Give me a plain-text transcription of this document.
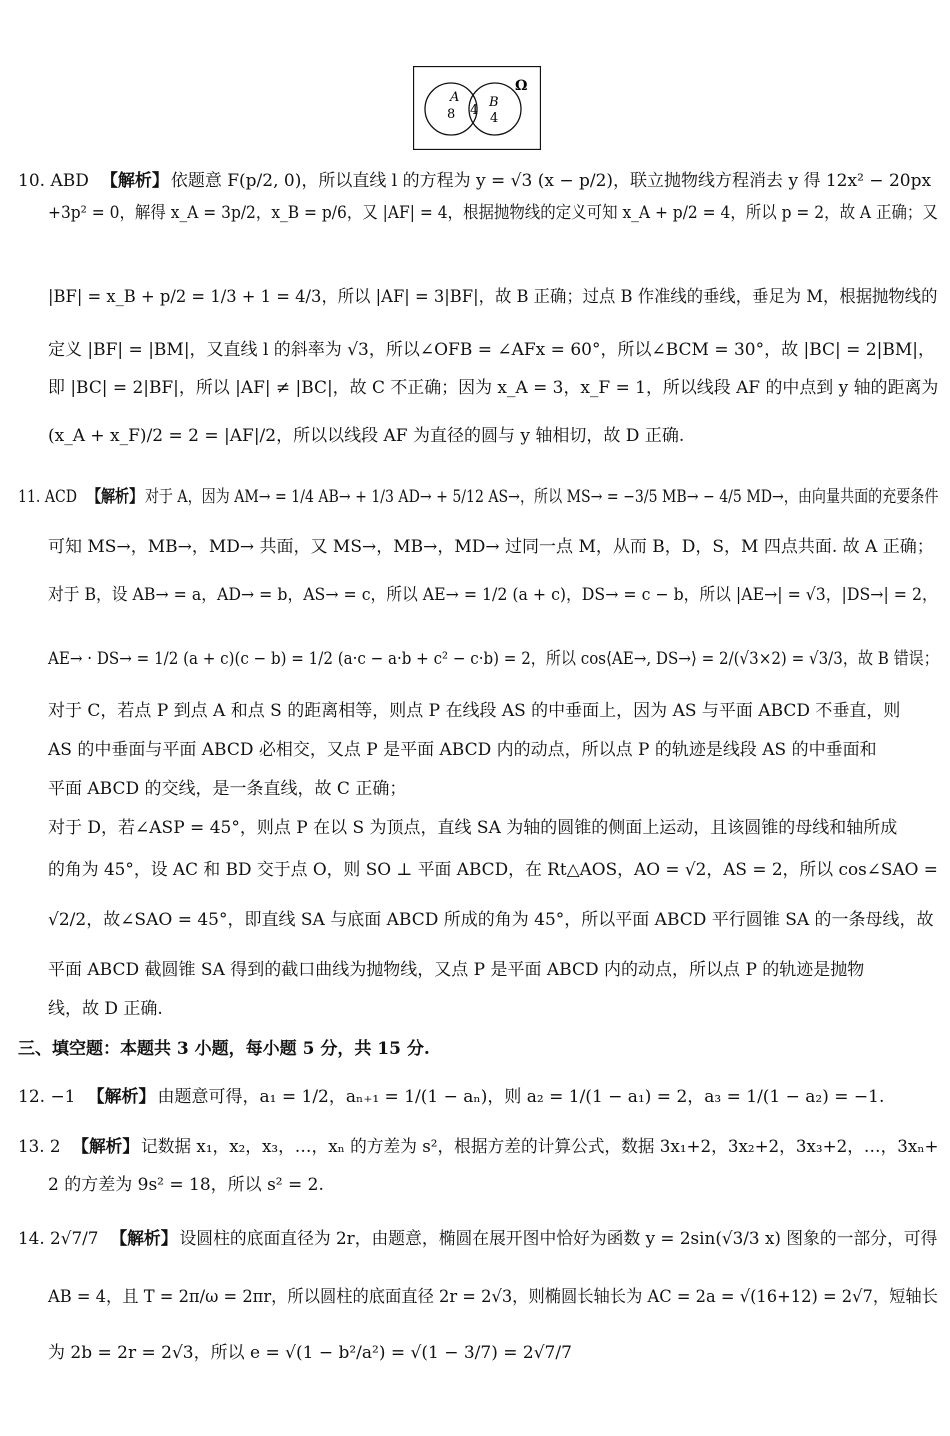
A
8 4
B
4
Ω
10. ABD 【解析】 依题意 F(p/2, 0)，所以直线 l 的方程为 y = √3 (x − p/2)，联立抛物线方程消去 y 得 12x² − 20px
+3p² = 0，解得 x_A = 3p/2，x_B = p/6，又 |AF| = 4，根据抛物线的定义可知 x_A + p/2 = 4，所以 p = 2，故 A 正确；又
|BF| = x_B + p/2 = 1/3 + 1 = 4/3，所以 |AF| = 3|BF|，故 B 正确；过点 B 作准线的垂线，垂足为 M，根据抛物线的
定义 |BF| = |BM|，又直线 l 的斜率为 √3，所以∠OFB = ∠AFx = 60°，所以∠BCM = 30°，故 |BC| = 2|BM|，
即 |BC| = 2|BF|，所以 |AF| ≠ |BC|，故 C 不正确；因为 x_A = 3，x_F = 1，所以线段 AF 的中点到 y 轴的距离为
(x_A + x_F)/2 = 2 = |AF|/2，所以以线段 AF 为直径的圆与 y 轴相切，故 D 正确.
11. ACD 【解析】对于 A，因为 AM→ = 1/4 AB→ + 1/3 AD→ + 5/12 AS→，所以 MS→ = −3/5 MB→ − 4/5 MD→，由向量共面的充要条件
可知 MS→，MB→，MD→ 共面，又 MS→，MB→，MD→ 过同一点 M，从而 B，D，S，M 四点共面. 故 A 正确；
对于 B，设 AB→ = a，AD→ = b，AS→ = c，所以 AE→ = 1/2 (a + c)，DS→ = c − b，所以 |AE→| = √3，|DS→| = 2，
AE→ · DS→ = 1/2 (a + c)(c − b) = 1/2 (a·c − a·b + c² − c·b) = 2，所以 cos⟨AE→, DS→⟩ = 2/(√3×2) = √3/3，故 B 错误；
对于 C，若点 P 到点 A 和点 S 的距离相等，则点 P 在线段 AS 的中垂面上，因为 AS 与平面 ABCD 不垂直，则
AS 的中垂面与平面 ABCD 必相交，又点 P 是平面 ABCD 内的动点，所以点 P 的轨迹是线段 AS 的中垂面和
平面 ABCD 的交线，是一条直线，故 C 正确；
对于 D，若∠ASP = 45°，则点 P 在以 S 为顶点，直线 SA 为轴的圆锥的侧面上运动，且该圆锥的母线和轴所成
的角为 45°，设 AC 和 BD 交于点 O，则 SO ⊥ 平面 ABCD，在 Rt△AOS，AO = √2，AS = 2，所以 cos∠SAO =
√2/2，故∠SAO = 45°，即直线 SA 与底面 ABCD 所成的角为 45°，所以平面 ABCD 平行圆锥 SA 的一条母线，故
平面 ABCD 截圆锥 SA 得到的截口曲线为抛物线，又点 P 是平面 ABCD 内的动点，所以点 P 的轨迹是抛物
线，故 D 正确.
三、填空题：本题共 3 小题，每小题 5 分，共 15 分.
12. −1 【解析】 由题意可得，a₁ = 1/2，aₙ₊₁ = 1/(1 − aₙ)，则 a₂ = 1/(1 − a₁) = 2，a₃ = 1/(1 − a₂) = −1.
13. 2 【解析】 记数据 x₁，x₂，x₃，…，xₙ 的方差为 s²，根据方差的计算公式，数据 3x₁+2，3x₂+2，3x₃+2，…，3xₙ+
2 的方差为 9s² = 18，所以 s² = 2.
14. 2√7/7 【解析】 设圆柱的底面直径为 2r，由题意，椭圆在展开图中恰好为函数 y = 2sin(√3/3 x) 图象的一部分，可得
AB = 4，且 T = 2π/ω = 2πr，所以圆柱的底面直径 2r = 2√3，则椭圆长轴长为 AC = 2a = √(16+12) = 2√7，短轴长
为 2b = 2r = 2√3，所以 e = √(1 − b²/a²) = √(1 − 3/7) = 2√7/7
